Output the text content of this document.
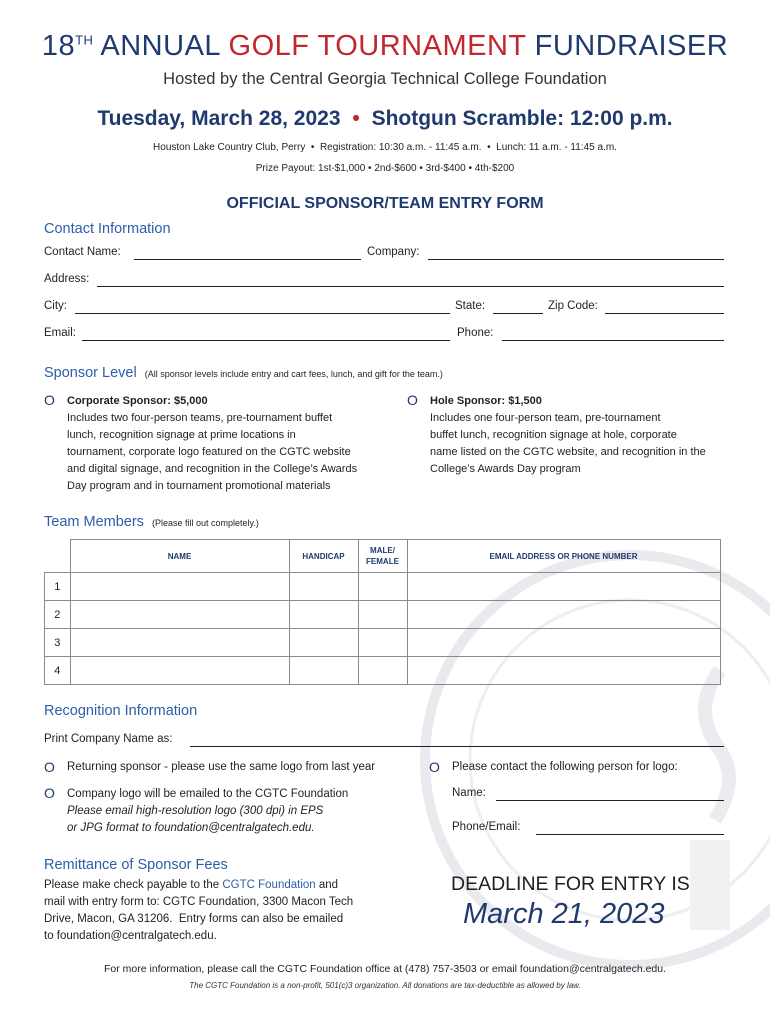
18TH ANNUAL GOLF TOURNAMENT FUNDRAISER
Hosted by the Central Georgia Technical College Foundation
Tuesday, March 28, 2023 • Shotgun Scramble: 12:00 p.m.
Houston Lake Country Club, Perry  •  Registration: 10:30 a.m. - 11:45 a.m.  •  Lunch: 11 a.m. - 11:45 a.m.
Prize Payout: 1st-$1,000 • 2nd-$600 • 3rd-$400 • 4th-$200
OFFICIAL SPONSOR/TEAM ENTRY FORM
Contact Information
Contact Name:	Company:
Address:
City:	State:	Zip Code:
Email:	Phone:
Sponsor Level (All sponsor levels include entry and cart fees, lunch, and gift for the team.)
O Corporate Sponsor: $5,000
Includes two four-person teams, pre-tournament buffet
lunch, recognition signage at prime locations in
tournament, corporate logo featured on the CGTC website
and digital signage, and recognition in the College’s Awards
Day program and in tournament promotional materials
O Hole Sponsor: $1,500
Includes one four-person team, pre-tournament
buffet lunch, recognition signage at hole, corporate
name listed on the CGTC website, and recognition in the
College’s Awards Day program
Team Members (Please fill out completely.)
	NAME	HANDICAP	MALE/ FEMALE	EMAIL ADDRESS OR PHONE NUMBER
1				
2				
3				
4				
Recognition Information
Print Company Name as:
O Returning sponsor - please use the same logo from last year	O Please contact the following person for logo:
O Company logo will be emailed to the CGTC Foundation
Please email high-resolution logo (300 dpi) in EPS
or JPG format to foundation@centralgatech.edu.
Name:
Phone/Email:
Remittance of Sponsor Fees
Please make check payable to the CGTC Foundation and
mail with entry form to: CGTC Foundation, 3300 Macon Tech
Drive, Macon, GA 31206.  Entry forms can also be emailed
to foundation@centralgatech.edu.
DEADLINE FOR ENTRY IS
March 21, 2023
For more information, please call the CGTC Foundation office at (478) 757-3503 or email foundation@centralgatech.edu.
The CGTC Foundation is a non-profit, 501(c)3 organization. All donations are tax-deductible as allowed by law.
